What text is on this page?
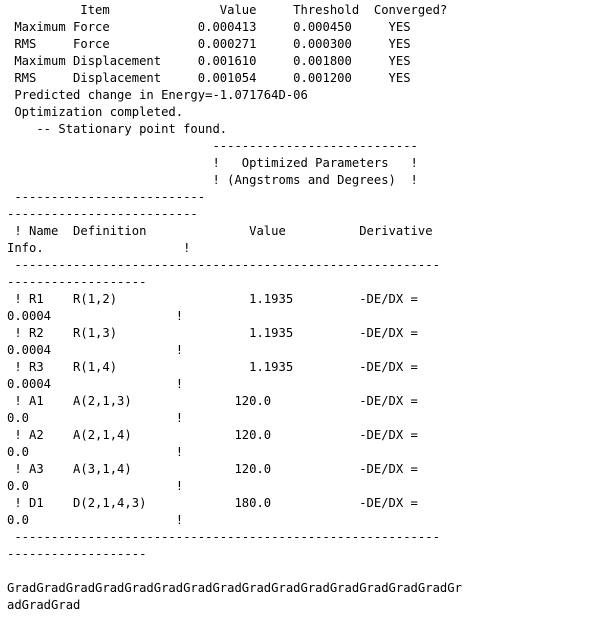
Item               Value     Threshold  Converged?
Maximum Force            0.000413     0.000450     YES
RMS     Force            0.000271     0.000300     YES
Maximum Displacement     0.001610     0.001800     YES
RMS     Displacement     0.001054     0.001200     YES
Predicted change in Energy=-1.071764D-06
Optimization completed.
-- Stationary point found.
----------------------------
!   Optimized Parameters   !
! (Angstroms and Degrees)  !
--------------------------
--------------------------
! Name  Definition              Value          Derivative
Info.                   !
----------------------------------------------------------
-------------------
! R1    R(1,2)                  1.1935         -DE/DX =
0.0004                 !
! R2    R(1,3)                  1.1935         -DE/DX =
0.0004                 !
! R3    R(1,4)                  1.1935         -DE/DX =
0.0004                 !
! A1    A(2,1,3)              120.0            -DE/DX =
0.0                    !
! A2    A(2,1,4)              120.0            -DE/DX =
0.0                    !
! A3    A(3,1,4)              120.0            -DE/DX =
0.0                    !
! D1    D(2,1,4,3)            180.0            -DE/DX =
0.0                    !
----------------------------------------------------------
-------------------
GradGradGradGradGradGradGradGradGradGradGradGradGradGradGradGr
adGradGrad
